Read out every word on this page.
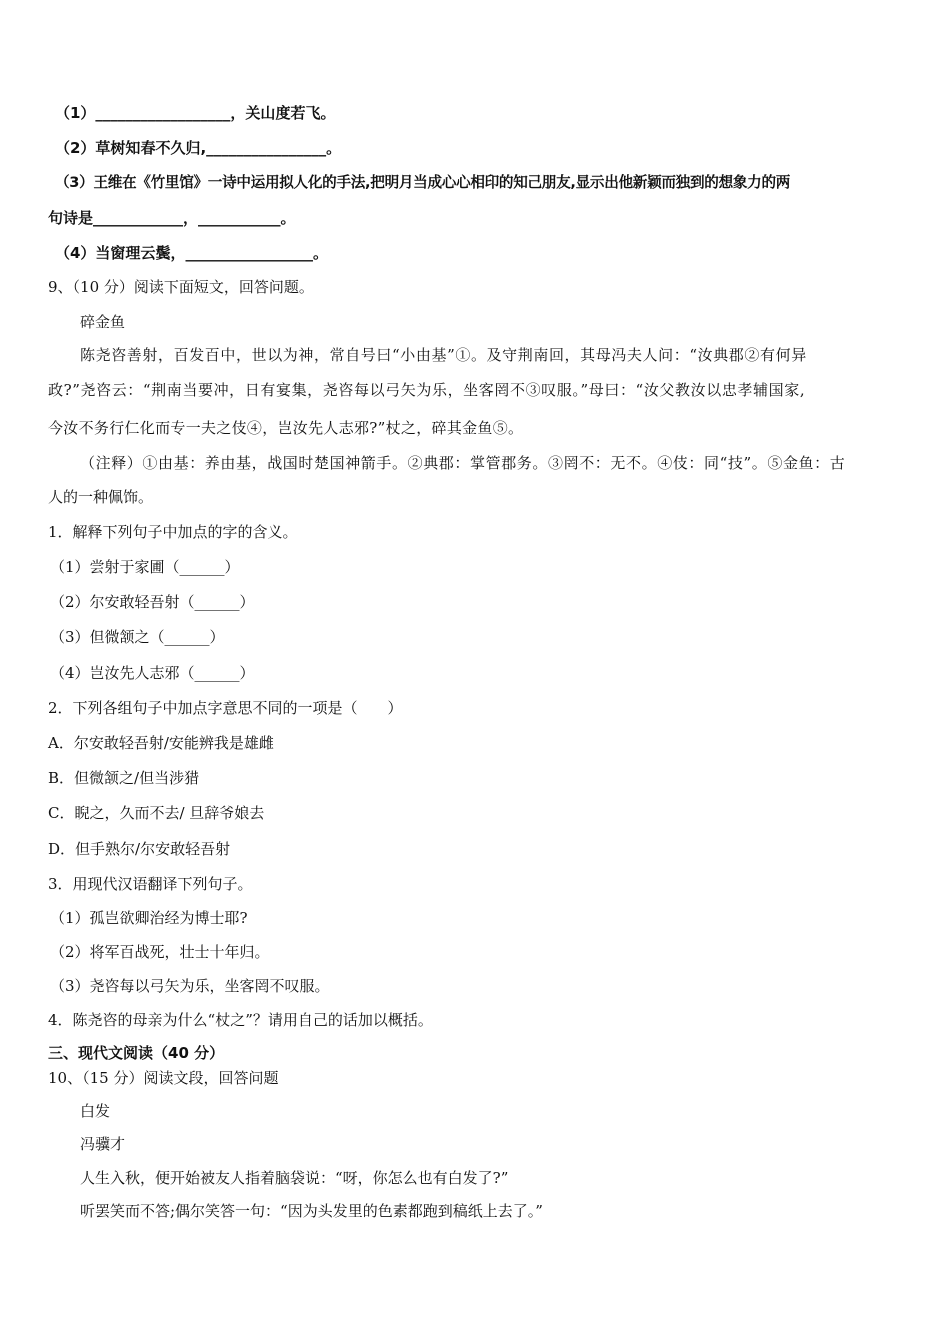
（1）__________________，关山度若飞。
（2）草树知春不久归,________________。
（3）王维在《竹里馆》一诗中运用拟人化的手法,把明月当成心心相印的知己朋友,显示出他新颖而独到的想象力的两
句诗是____________，___________。
（4）当窗理云鬓，_________________。
9、（10 分）阅读下面短文，回答问题。
碎金鱼
陈尧咨善射，百发百中，世以为神，常自号曰“小由基”①。及守荆南回，其母冯夫人问：“汝典郡②有何异
政?”尧咨云：“荆南当要冲，日有宴集，尧咨每以弓矢为乐，坐客罔不③叹服。”母曰：“汝父教汝以忠孝辅国家,
今汝不务行仁化而专一夫之伎④，岂汝先人志邪?”杖之，碎其金鱼⑤。
（注释）①由基：养由基，战国时楚国神箭手。②典郡：掌管郡务。③罔不：无不。④伎：同“技”。⑤金鱼：古
人的一种佩饰。
1．解释下列句子中加点的字的含义。
（1）尝射于家圃（______）
（2）尔安敢轻吾射（______）
（3）但微颔之（______）
（4）岂汝先人志邪（______）
2．下列各组句子中加点字意思不同的一项是（　　）
A．尔安敢轻吾射/安能辨我是雄雌
B．但微颔之/但当涉猎
C．睨之，久而不去/ 旦辞爷娘去
D．但手熟尔/尔安敢轻吾射
3．用现代汉语翻译下列句子。
（1）孤岂欲卿治经为博士耶?
（2）将军百战死，壮士十年归。
（3）尧咨每以弓矢为乐，坐客罔不叹服。
4．陈尧咨的母亲为什么“杖之”？请用自己的话加以概括。
三、现代文阅读（40 分）
10、（15 分）阅读文段，回答问题
白发
冯骥才
人生入秋，便开始被友人指着脑袋说：“呀，你怎么也有白发了?”
听罢笑而不答;偶尔笑答一句：“因为头发里的色素都跑到稿纸上去了。”
